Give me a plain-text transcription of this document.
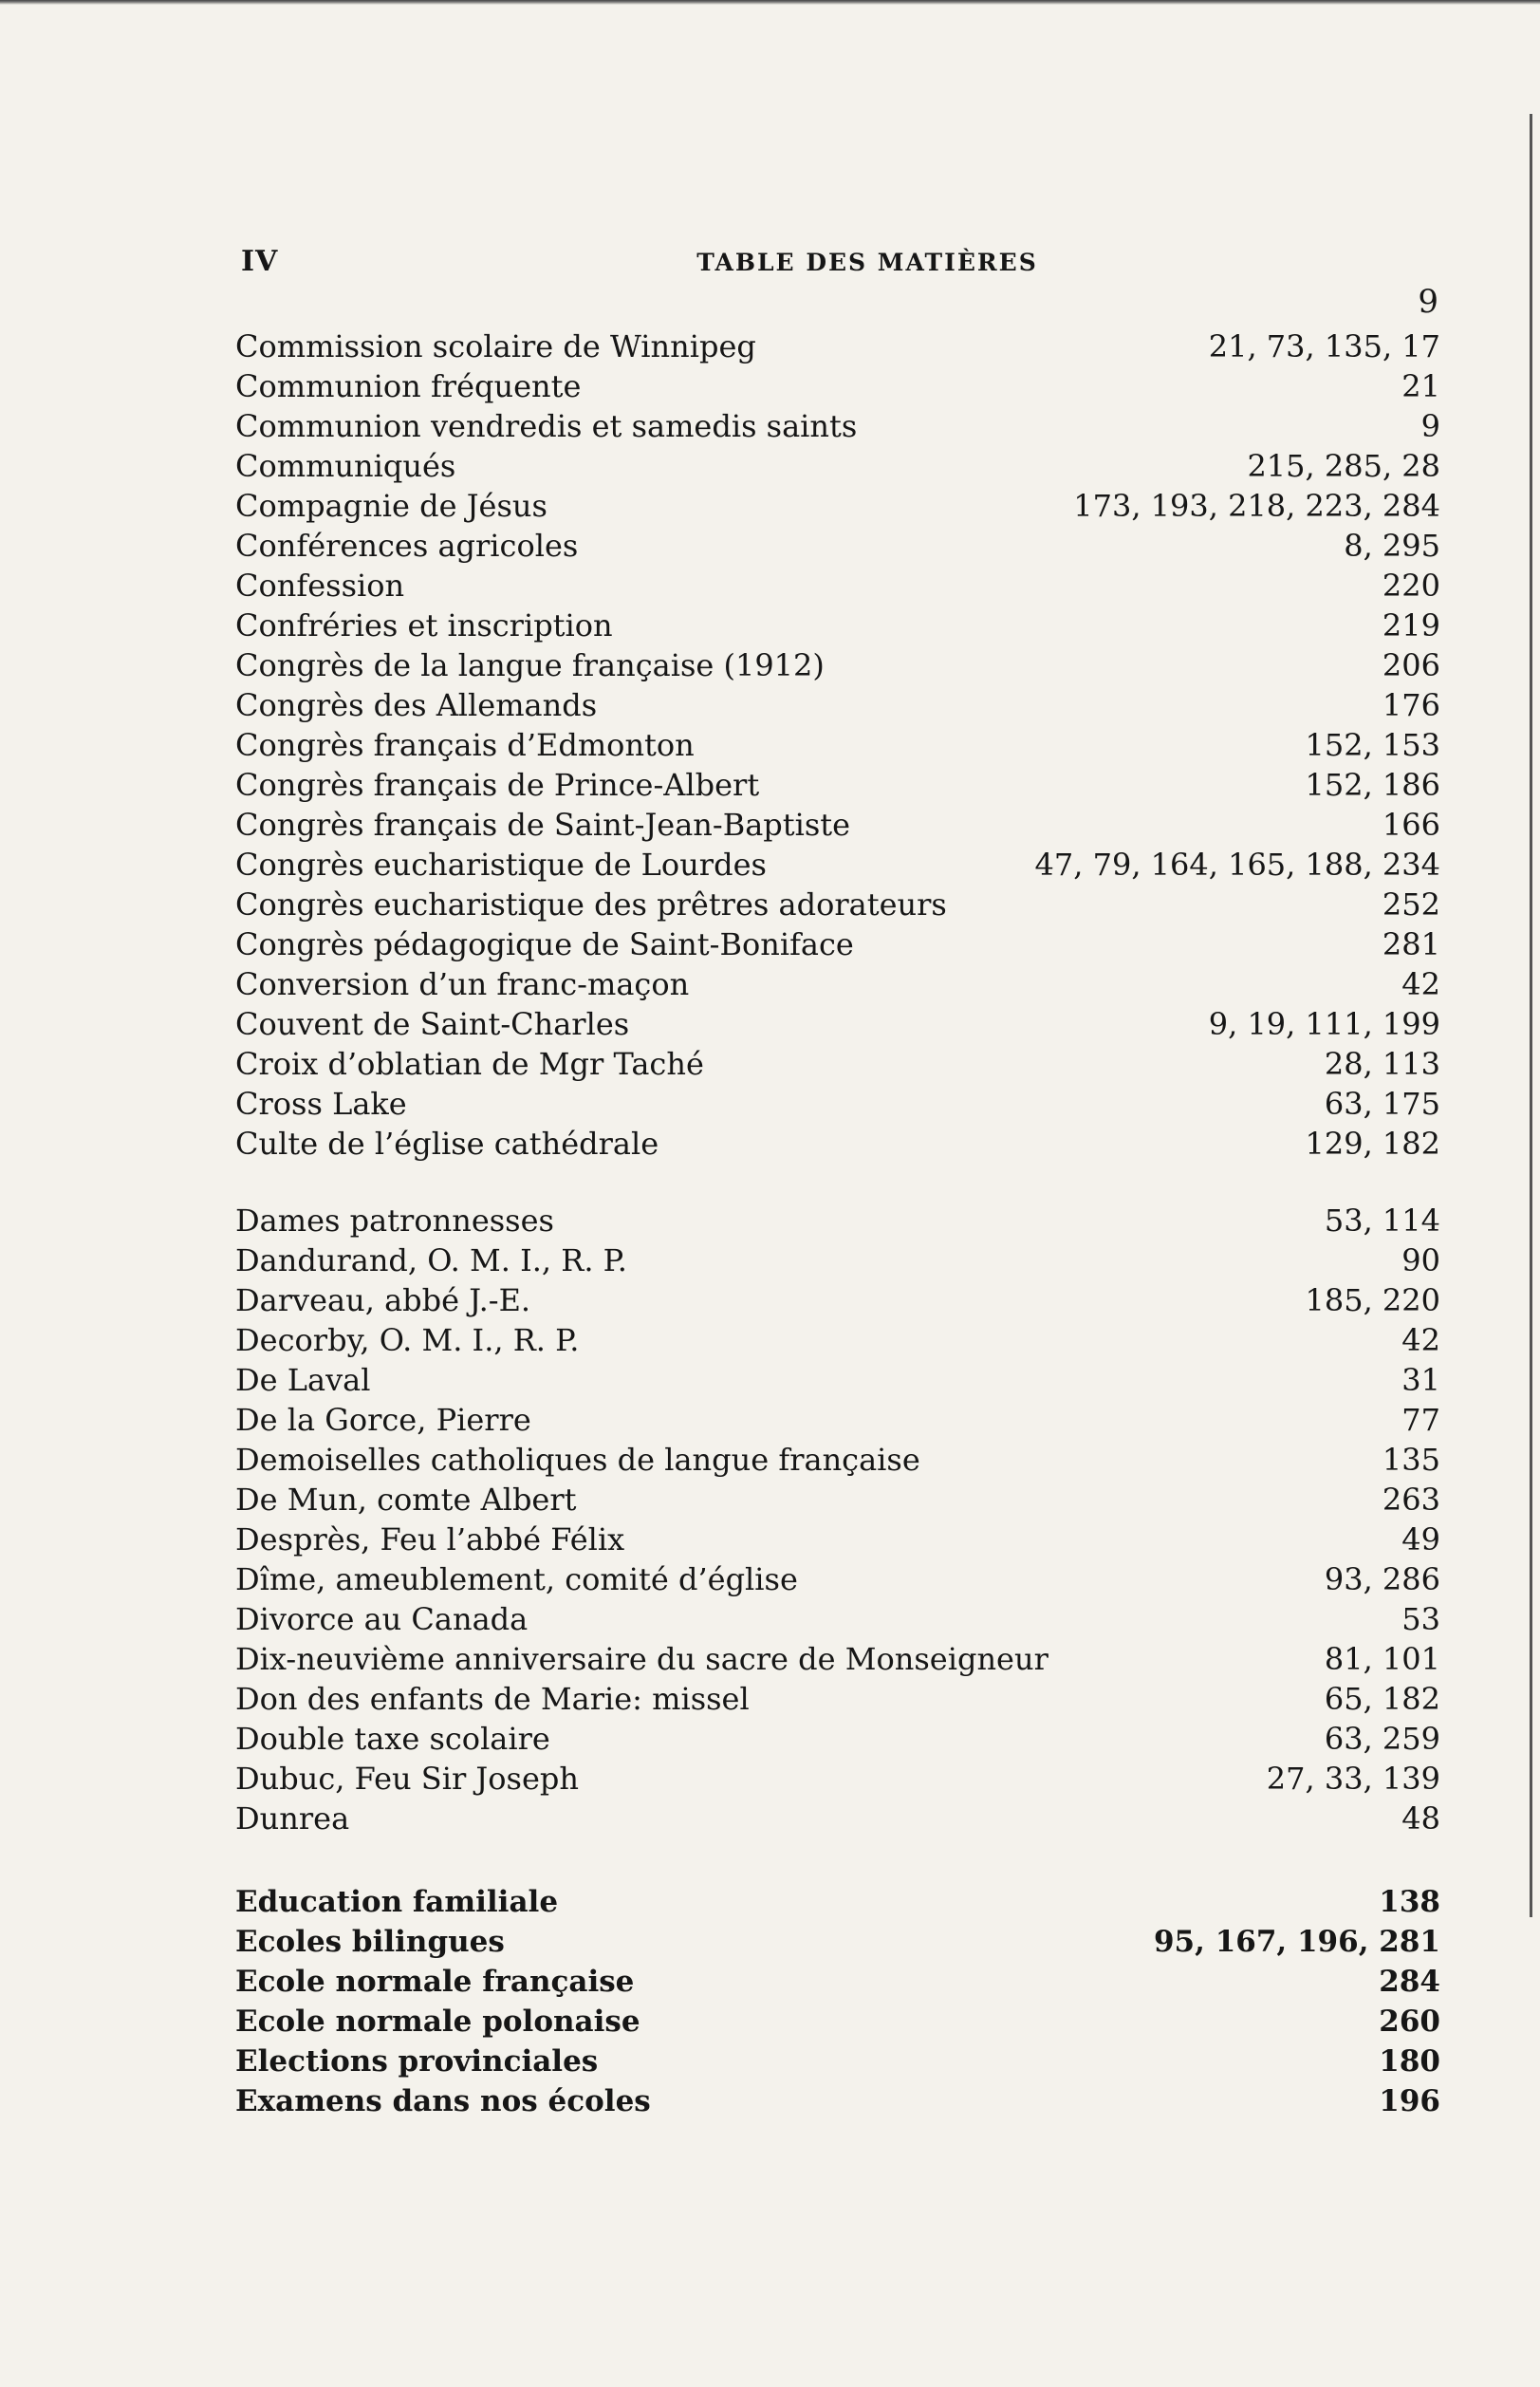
IV	TABLE DES MATIÈRES
9
Commission scolaire de Winnipeg	21, 73, 135, 17
Communion fréquente	21
Communion vendredis et samedis saints	9
Communiqués	215, 285, 28
Compagnie de Jésus	173, 193, 218, 223, 284
Conférences agricoles	8, 295
Confession	220
Confréries et inscription	219
Congrès de la langue française (1912)	206
Congrès des Allemands	176
Congrès français d’Edmonton	152, 153
Congrès français de Prince-Albert	152, 186
Congrès français de Saint-Jean-Baptiste	166
Congrès eucharistique de Lourdes	47, 79, 164, 165, 188, 234
Congrès eucharistique des prêtres adorateurs	252
Congrès pédagogique de Saint-Boniface	281
Conversion d’un franc-maçon	42
Couvent de Saint-Charles	9, 19, 111, 199
Croix d’oblatian de Mgr Taché	28, 113
Cross Lake	63, 175
Culte de l’église cathédrale	129, 182
Dames patronnesses	53, 114
Dandurand, O. M. I., R. P.	90
Darveau, abbé J.-E.	185, 220
Decorby, O. M. I., R. P.	42
De Laval	31
De la Gorce, Pierre	77
Demoiselles catholiques de langue française	135
De Mun, comte Albert	263
Desprès, Feu l’abbé Félix	49
Dîme, ameublement, comité d’église	93, 286
Divorce au Canada	53
Dix-neuvième anniversaire du sacre de Monseigneur	81, 101
Don des enfants de Marie: missel	65, 182
Double taxe scolaire	63, 259
Dubuc, Feu Sir Joseph	27, 33, 139
Dunrea	48
Education familiale	138
Ecoles bilingues	95, 167, 196, 281
Ecole normale française	284
Ecole normale polonaise	260
Elections provinciales	180
Examens dans nos écoles	196
